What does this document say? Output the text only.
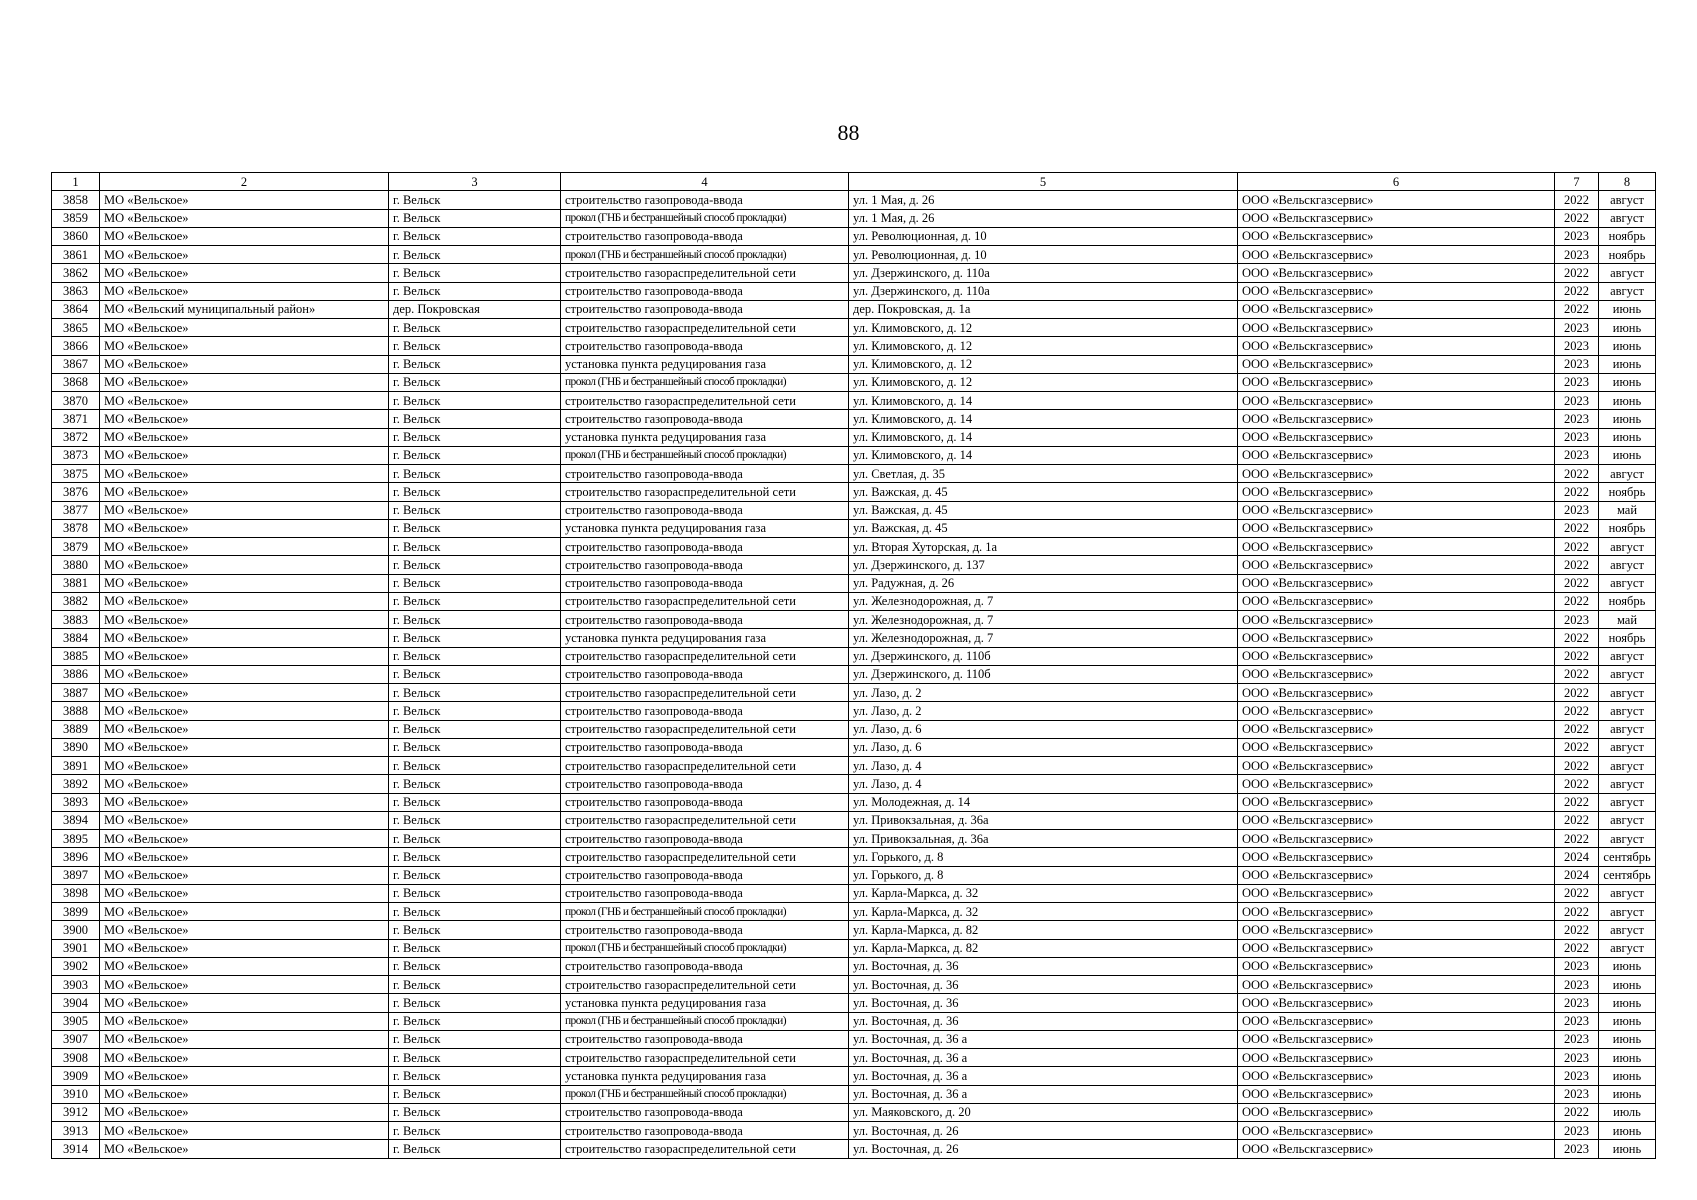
88
1	2	3	4	5	6	7	8
3858	МО «Вельское»	г. Вельск	строительство газопровода-ввода	ул. 1 Мая, д. 26	ООО «Вельскгазсервис»	2022	август
3859	МО «Вельское»	г. Вельск	прокол (ГНБ и бестраншейный способ прокладки)	ул. 1 Мая, д. 26	ООО «Вельскгазсервис»	2022	август
3860	МО «Вельское»	г. Вельск	строительство газопровода-ввода	ул. Революционная, д. 10	ООО «Вельскгазсервис»	2023	ноябрь
3861	МО «Вельское»	г. Вельск	прокол (ГНБ и бестраншейный способ прокладки)	ул. Революционная, д. 10	ООО «Вельскгазсервис»	2023	ноябрь
3862	МО «Вельское»	г. Вельск	строительство газораспределительной сети	ул. Дзержинского, д. 110а	ООО «Вельскгазсервис»	2022	август
3863	МО «Вельское»	г. Вельск	строительство газопровода-ввода	ул. Дзержинского, д. 110а	ООО «Вельскгазсервис»	2022	август
3864	МО «Вельский муниципальный район»	дер. Покровская	строительство газопровода-ввода	дер. Покровская, д. 1а	ООО «Вельскгазсервис»	2022	июнь
3865	МО «Вельское»	г. Вельск	строительство газораспределительной сети	ул. Климовского, д. 12	ООО «Вельскгазсервис»	2023	июнь
3866	МО «Вельское»	г. Вельск	строительство газопровода-ввода	ул. Климовского, д. 12	ООО «Вельскгазсервис»	2023	июнь
3867	МО «Вельское»	г. Вельск	установка пункта редуцирования газа	ул. Климовского, д. 12	ООО «Вельскгазсервис»	2023	июнь
3868	МО «Вельское»	г. Вельск	прокол (ГНБ и бестраншейный способ прокладки)	ул. Климовского, д. 12	ООО «Вельскгазсервис»	2023	июнь
3870	МО «Вельское»	г. Вельск	строительство газораспределительной сети	ул. Климовского, д. 14	ООО «Вельскгазсервис»	2023	июнь
3871	МО «Вельское»	г. Вельск	строительство газопровода-ввода	ул. Климовского, д. 14	ООО «Вельскгазсервис»	2023	июнь
3872	МО «Вельское»	г. Вельск	установка пункта редуцирования газа	ул. Климовского, д. 14	ООО «Вельскгазсервис»	2023	июнь
3873	МО «Вельское»	г. Вельск	прокол (ГНБ и бестраншейный способ прокладки)	ул. Климовского, д. 14	ООО «Вельскгазсервис»	2023	июнь
3875	МО «Вельское»	г. Вельск	строительство газопровода-ввода	ул. Светлая, д. 35	ООО «Вельскгазсервис»	2022	август
3876	МО «Вельское»	г. Вельск	строительство газораспределительной сети	ул. Важская, д. 45	ООО «Вельскгазсервис»	2022	ноябрь
3877	МО «Вельское»	г. Вельск	строительство газопровода-ввода	ул. Важская, д. 45	ООО «Вельскгазсервис»	2023	май
3878	МО «Вельское»	г. Вельск	установка пункта редуцирования газа	ул. Важская, д. 45	ООО «Вельскгазсервис»	2022	ноябрь
3879	МО «Вельское»	г. Вельск	строительство газопровода-ввода	ул. Вторая Хуторская, д. 1а	ООО «Вельскгазсервис»	2022	август
3880	МО «Вельское»	г. Вельск	строительство газопровода-ввода	ул. Дзержинского, д. 137	ООО «Вельскгазсервис»	2022	август
3881	МО «Вельское»	г. Вельск	строительство газопровода-ввода	ул. Радужная, д. 26	ООО «Вельскгазсервис»	2022	август
3882	МО «Вельское»	г. Вельск	строительство газораспределительной сети	ул. Железнодорожная, д. 7	ООО «Вельскгазсервис»	2022	ноябрь
3883	МО «Вельское»	г. Вельск	строительство газопровода-ввода	ул. Железнодорожная, д. 7	ООО «Вельскгазсервис»	2023	май
3884	МО «Вельское»	г. Вельск	установка пункта редуцирования газа	ул. Железнодорожная, д. 7	ООО «Вельскгазсервис»	2022	ноябрь
3885	МО «Вельское»	г. Вельск	строительство газораспределительной сети	ул. Дзержинского, д. 110б	ООО «Вельскгазсервис»	2022	август
3886	МО «Вельское»	г. Вельск	строительство газопровода-ввода	ул. Дзержинского, д. 110б	ООО «Вельскгазсервис»	2022	август
3887	МО «Вельское»	г. Вельск	строительство газораспределительной сети	ул. Лазо, д. 2	ООО «Вельскгазсервис»	2022	август
3888	МО «Вельское»	г. Вельск	строительство газопровода-ввода	ул. Лазо, д. 2	ООО «Вельскгазсервис»	2022	август
3889	МО «Вельское»	г. Вельск	строительство газораспределительной сети	ул. Лазо, д. 6	ООО «Вельскгазсервис»	2022	август
3890	МО «Вельское»	г. Вельск	строительство газопровода-ввода	ул. Лазо, д. 6	ООО «Вельскгазсервис»	2022	август
3891	МО «Вельское»	г. Вельск	строительство газораспределительной сети	ул. Лазо, д. 4	ООО «Вельскгазсервис»	2022	август
3892	МО «Вельское»	г. Вельск	строительство газопровода-ввода	ул. Лазо, д. 4	ООО «Вельскгазсервис»	2022	август
3893	МО «Вельское»	г. Вельск	строительство газопровода-ввода	ул. Молодежная, д. 14	ООО «Вельскгазсервис»	2022	август
3894	МО «Вельское»	г. Вельск	строительство газораспределительной сети	ул. Привокзальная, д. 36а	ООО «Вельскгазсервис»	2022	август
3895	МО «Вельское»	г. Вельск	строительство газопровода-ввода	ул. Привокзальная, д. 36а	ООО «Вельскгазсервис»	2022	август
3896	МО «Вельское»	г. Вельск	строительство газораспределительной сети	ул. Горького, д. 8	ООО «Вельскгазсервис»	2024	сентябрь
3897	МО «Вельское»	г. Вельск	строительство газопровода-ввода	ул. Горького, д. 8	ООО «Вельскгазсервис»	2024	сентябрь
3898	МО «Вельское»	г. Вельск	строительство газопровода-ввода	ул. Карла-Маркса, д. 32	ООО «Вельскгазсервис»	2022	август
3899	МО «Вельское»	г. Вельск	прокол (ГНБ и бестраншейный способ прокладки)	ул. Карла-Маркса, д. 32	ООО «Вельскгазсервис»	2022	август
3900	МО «Вельское»	г. Вельск	строительство газопровода-ввода	ул. Карла-Маркса, д. 82	ООО «Вельскгазсервис»	2022	август
3901	МО «Вельское»	г. Вельск	прокол (ГНБ и бестраншейный способ прокладки)	ул. Карла-Маркса, д. 82	ООО «Вельскгазсервис»	2022	август
3902	МО «Вельское»	г. Вельск	строительство газопровода-ввода	ул. Восточная, д. 36	ООО «Вельскгазсервис»	2023	июнь
3903	МО «Вельское»	г. Вельск	строительство газораспределительной сети	ул. Восточная, д. 36	ООО «Вельскгазсервис»	2023	июнь
3904	МО «Вельское»	г. Вельск	установка пункта редуцирования газа	ул. Восточная, д. 36	ООО «Вельскгазсервис»	2023	июнь
3905	МО «Вельское»	г. Вельск	прокол (ГНБ и бестраншейный способ прокладки)	ул. Восточная, д. 36	ООО «Вельскгазсервис»	2023	июнь
3907	МО «Вельское»	г. Вельск	строительство газопровода-ввода	ул. Восточная, д. 36 а	ООО «Вельскгазсервис»	2023	июнь
3908	МО «Вельское»	г. Вельск	строительство газораспределительной сети	ул. Восточная, д. 36 а	ООО «Вельскгазсервис»	2023	июнь
3909	МО «Вельское»	г. Вельск	установка пункта редуцирования газа	ул. Восточная, д. 36 а	ООО «Вельскгазсервис»	2023	июнь
3910	МО «Вельское»	г. Вельск	прокол (ГНБ и бестраншейный способ прокладки)	ул. Восточная, д. 36 а	ООО «Вельскгазсервис»	2023	июнь
3912	МО «Вельское»	г. Вельск	строительство газопровода-ввода	ул. Маяковского, д. 20	ООО «Вельскгазсервис»	2022	июль
3913	МО «Вельское»	г. Вельск	строительство газопровода-ввода	ул. Восточная, д. 26	ООО «Вельскгазсервис»	2023	июнь
3914	МО «Вельское»	г. Вельск	строительство газораспределительной сети	ул. Восточная, д. 26	ООО «Вельскгазсервис»	2023	июнь
